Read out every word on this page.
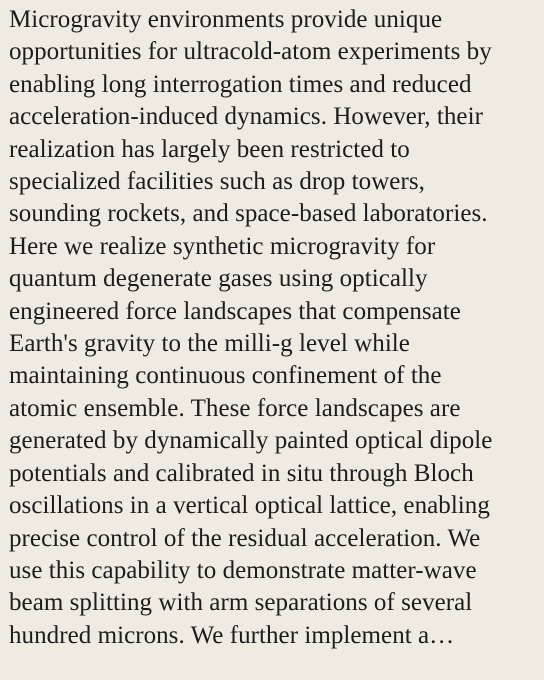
Microgravity environments provide unique
opportunities for ultracold-atom experiments by
enabling long interrogation times and reduced
acceleration-induced dynamics. However, their
realization has largely been restricted to
specialized facilities such as drop towers,
sounding rockets, and space-based laboratories.
Here we realize synthetic microgravity for
quantum degenerate gases using optically
engineered force landscapes that compensate
Earth's gravity to the milli-g level while
maintaining continuous confinement of the
atomic ensemble. These force landscapes are
generated by dynamically painted optical dipole
potentials and calibrated in situ through Bloch
oscillations in a vertical optical lattice, enabling
precise control of the residual acceleration. We
use this capability to demonstrate matter-wave
beam splitting with arm separations of several
hundred microns. We further implement a…
